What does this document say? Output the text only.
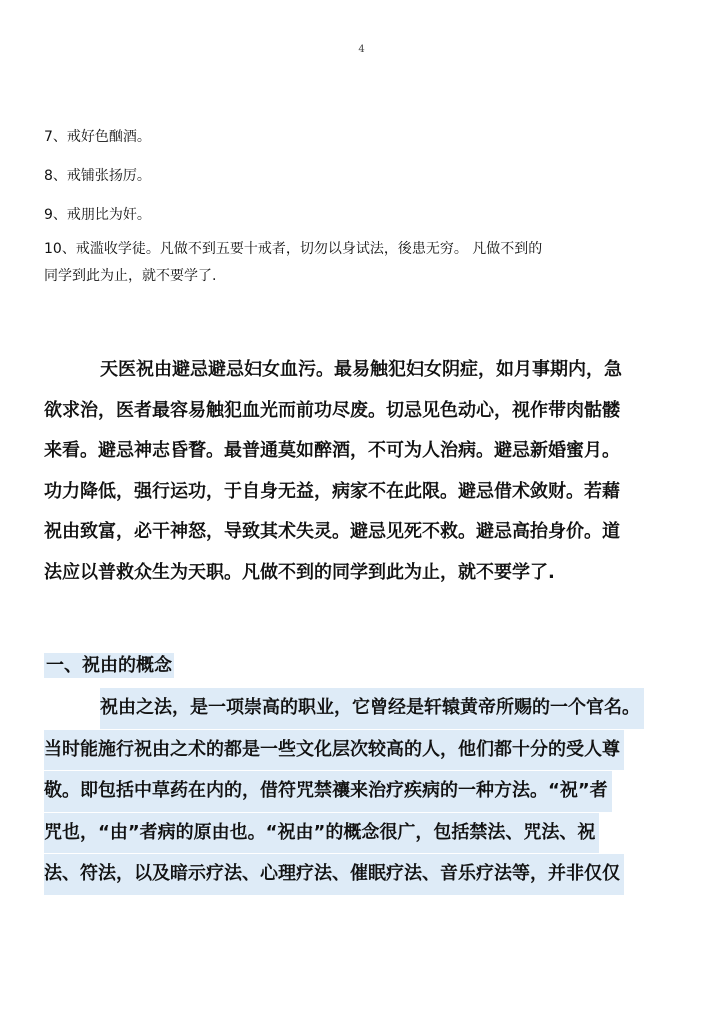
4
7、戒好色酗酒。
8、戒铺张扬厉。
9、戒朋比为奸。
10、戒滥收学徒。凡做不到五要十戒者，切勿以身试法，後患无穷。 凡做不到的
同学到此为止，就不要学了.
天医祝由避忌避忌妇女血污。最易触犯妇女阴症，如月事期内，急
欲求治，医者最容易触犯血光而前功尽废。切忌见色动心，视作带肉骷髅
来看。避忌神志昏瞀。最普通莫如醉酒，不可为人治病。避忌新婚蜜月。
功力降低，强行运功，于自身无益，病家不在此限。避忌借术敛财。若藉
祝由致富，必干神怒，导致其术失灵。避忌见死不救。避忌高抬身价。道
法应以普救众生为天职。凡做不到的同学到此为止，就不要学了.
一、祝由的概念
祝由之法，是一项崇高的职业，它曾经是轩辕黄帝所赐的一个官名。
当时能施行祝由之术的都是一些文化层次较高的人，他们都十分的受人尊
敬。即包括中草药在内的，借符咒禁禳来治疗疾病的一种方法。“祝”者
咒也，“由”者病的原由也。“祝由”的概念很广，包括禁法、咒法、祝
法、符法，以及暗示疗法、心理疗法、催眠疗法、音乐疗法等，并非仅仅
